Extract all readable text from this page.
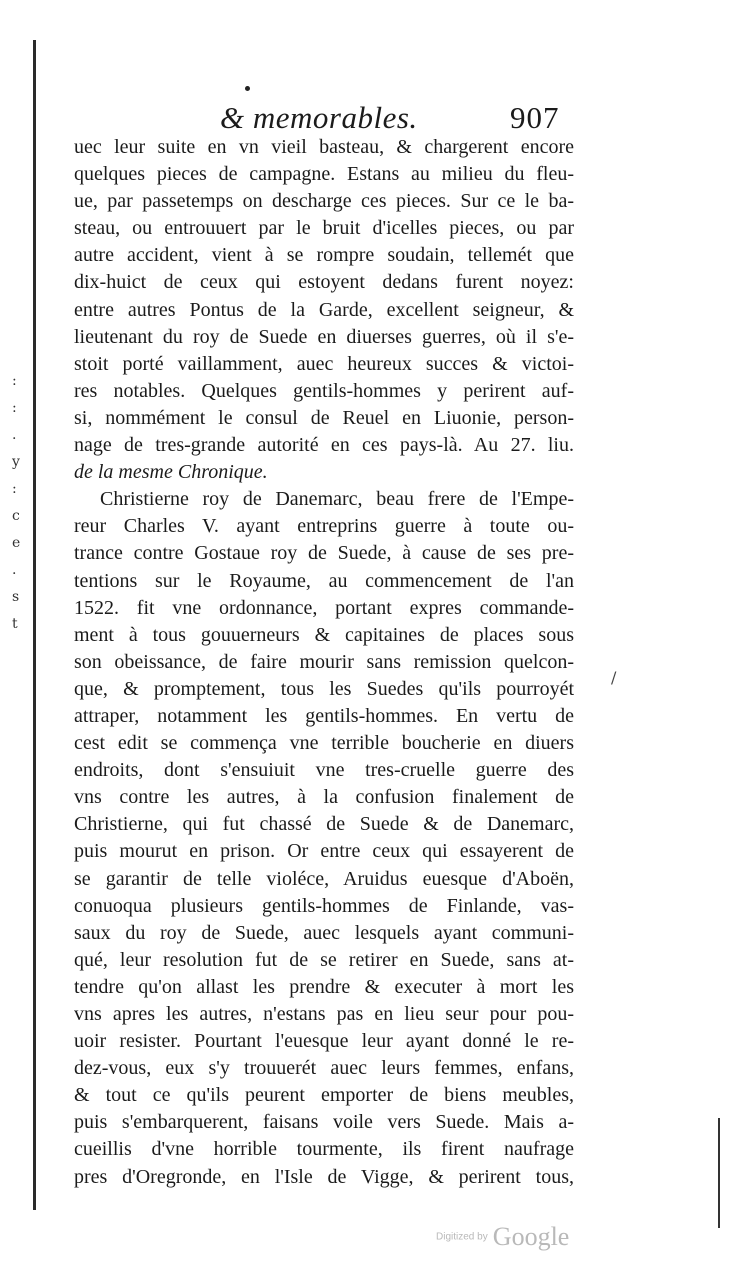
:
:
.
y
:
c
e
.
s
t
/
& memorables.	907
uec leur suite en vn vieil basteau, & chargerent encore
quelques pieces de campagne. Estans au milieu du fleu-
ue, par passetemps on descharge ces pieces. Sur ce le ba-
steau, ou entrouuert par le bruit d'icelles pieces, ou par
autre accident, vient à se rompre soudain, tellemét que
dix-huict de ceux qui estoyent dedans furent noyez:
entre autres Pontus de la Garde, excellent seigneur, &
lieutenant du roy de Suede en diuerses guerres, où il s'e-
stoit porté vaillamment, auec heureux succes & victoi-
res notables. Quelques gentils-hommes y perirent auf-
si, nommément le consul de Reuel en Liuonie, person-
nage de tres-grande autorité en ces pays-là. Au 27. liu.
de la mesme Chronique.
Christierne roy de Danemarc, beau frere de l'Empe-
reur Charles V. ayant entreprins guerre à toute ou-
trance contre Gostaue roy de Suede, à cause de ses pre-
tentions sur le Royaume, au commencement de l'an
1522. fit vne ordonnance, portant expres commande-
ment à tous gouuerneurs & capitaines de places sous
son obeissance, de faire mourir sans remission quelcon-
que, & promptement, tous les Suedes qu'ils pourroyét
attraper, notamment les gentils-hommes. En vertu de
cest edit se commença vne terrible boucherie en diuers
endroits, dont s'ensuiuit vne tres-cruelle guerre des
vns contre les autres, à la confusion finalement de
Christierne, qui fut chassé de Suede & de Danemarc,
puis mourut en prison. Or entre ceux qui essayerent de
se garantir de telle violéce, Aruidus euesque d'Aboën,
conuoqua plusieurs gentils-hommes de Finlande, vas-
saux du roy de Suede, auec lesquels ayant communi-
qué, leur resolution fut de se retirer en Suede, sans at-
tendre qu'on allast les prendre & executer à mort les
vns apres les autres, n'estans pas en lieu seur pour pou-
uoir resister. Pourtant l'euesque leur ayant donné le re-
dez-vous, eux s'y trouuerét auec leurs femmes, enfans,
& tout ce qu'ils peurent emporter de biens meubles,
puis s'embarquerent, faisans voile vers Suede. Mais a-
cueillis d'vne horrible tourmente, ils firent naufrage
pres d'Oregronde, en l'Isle de Vigge, & perirent tous,
Digitized by Google
